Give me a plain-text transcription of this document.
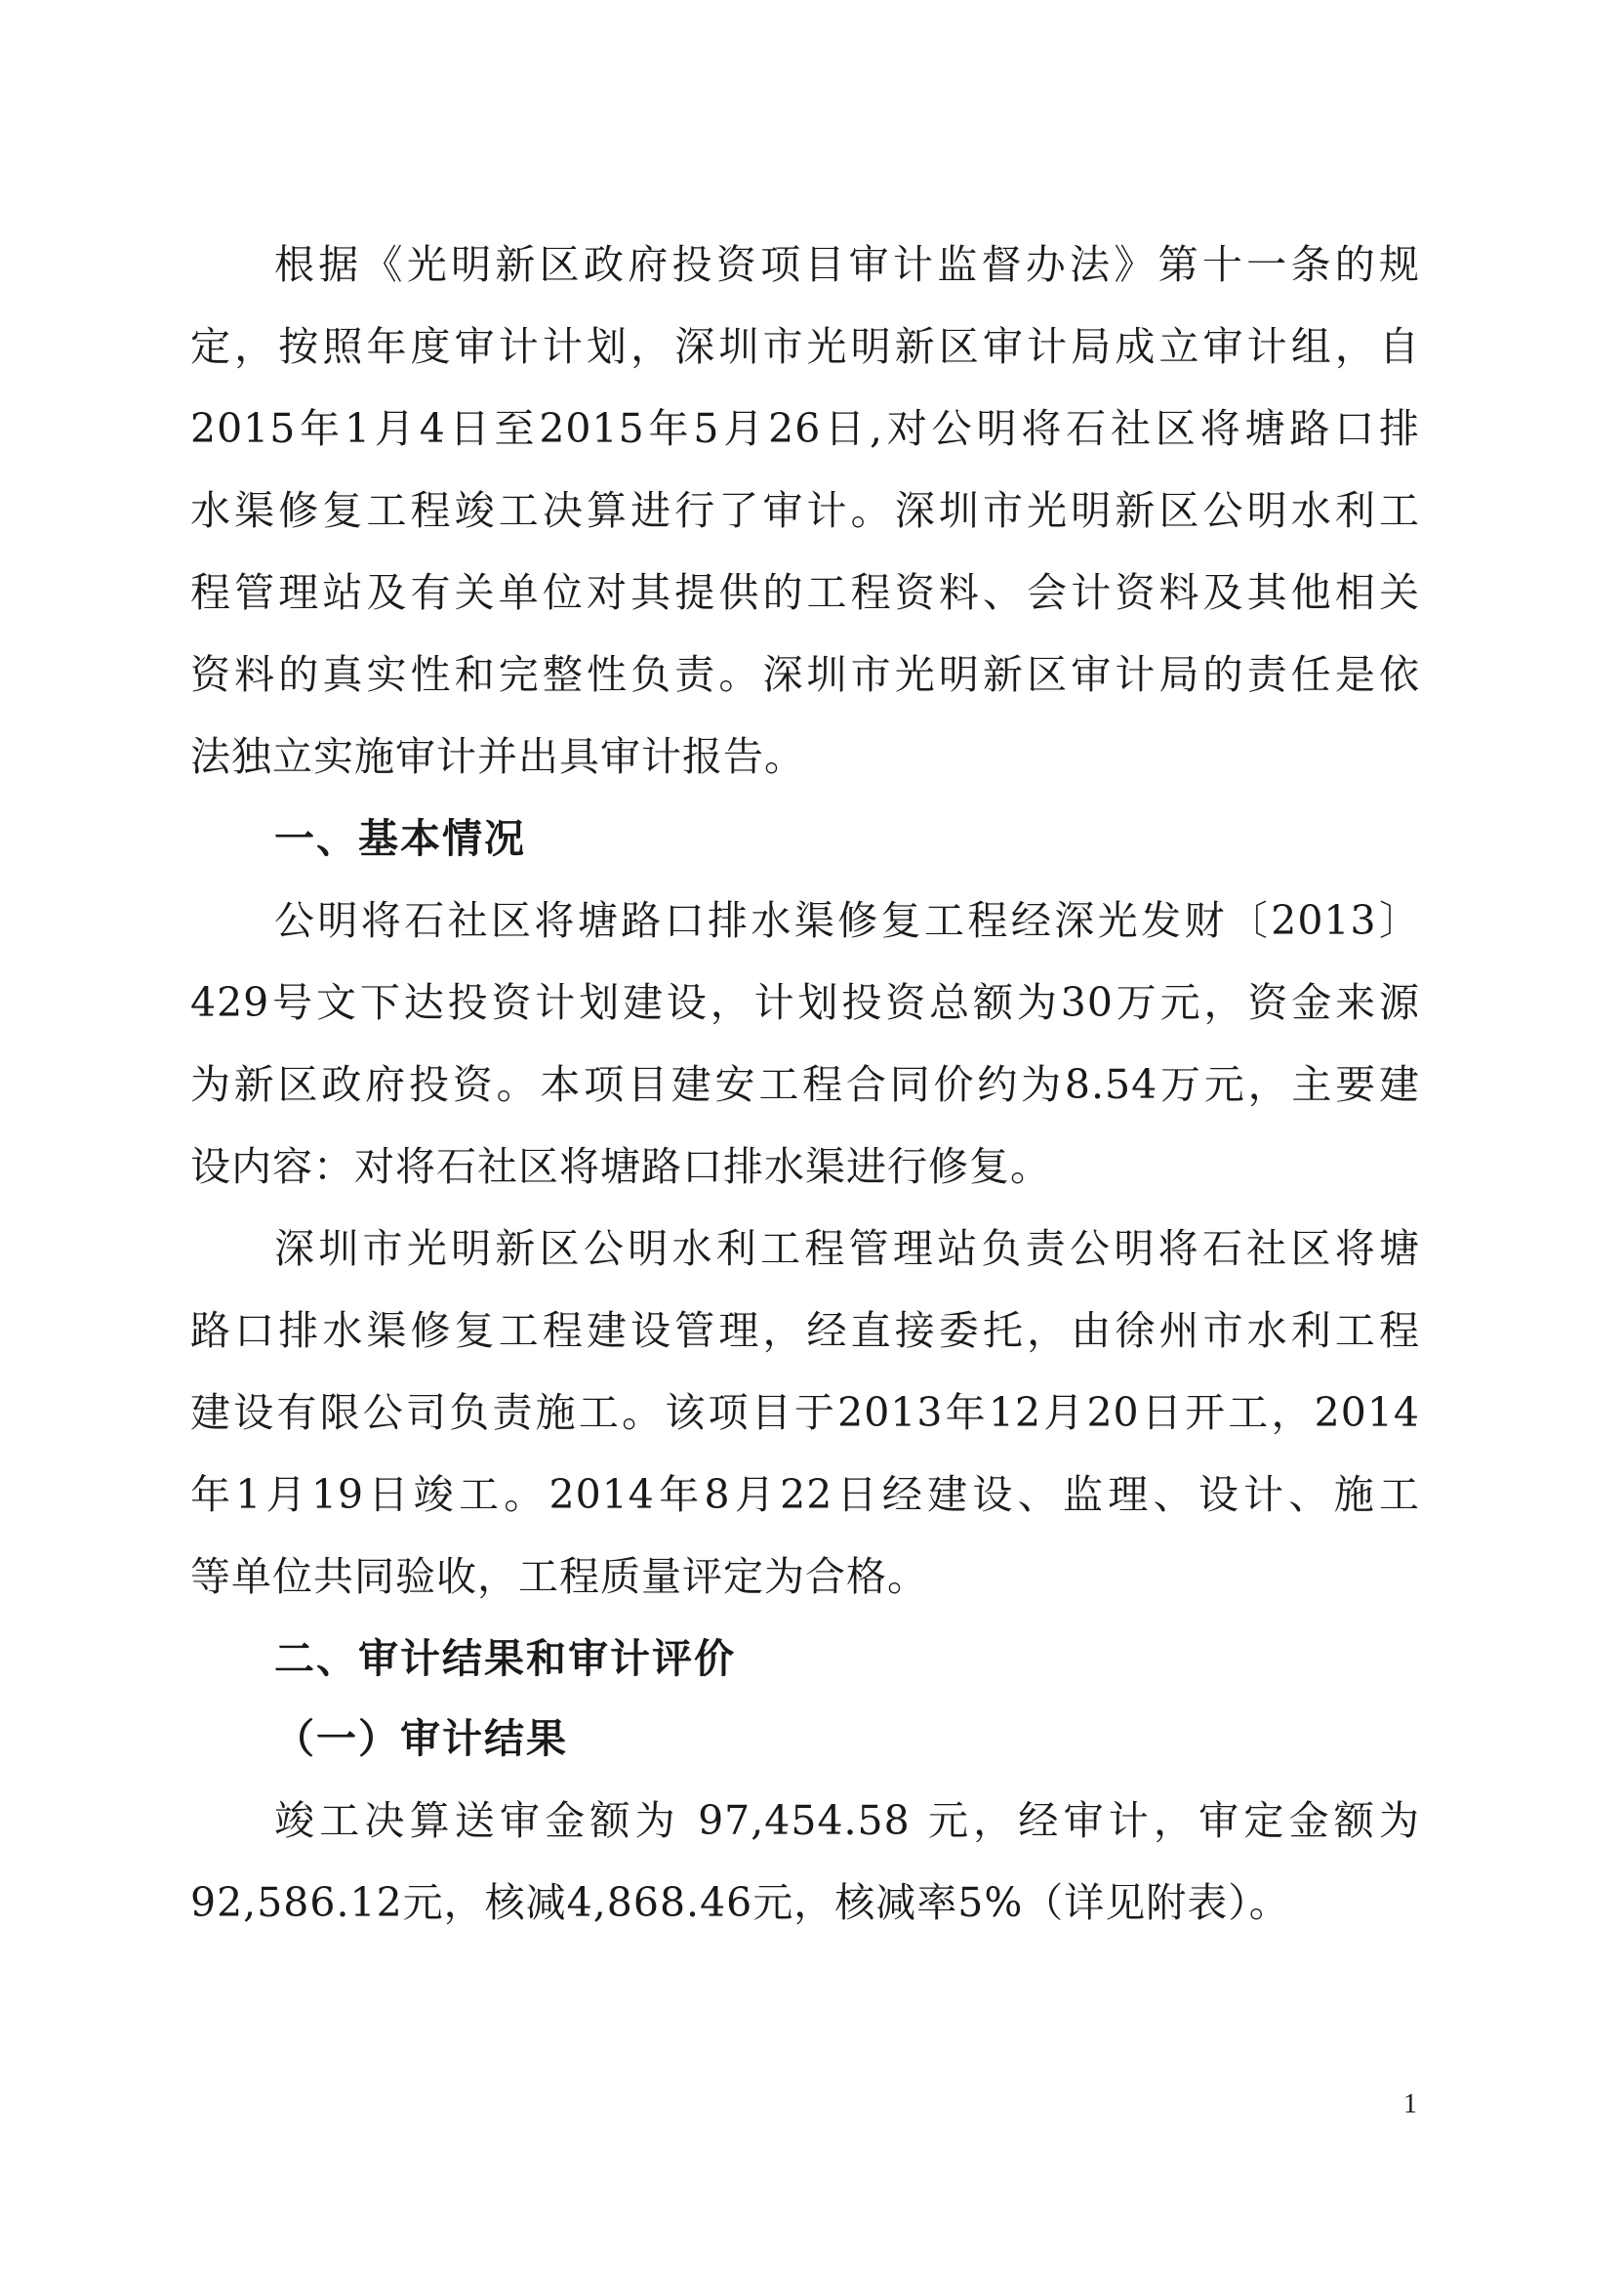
根据《光明新区政府投资项目审计监督办法》第十一条的规
定，按照年度审计计划，深圳市光明新区审计局成立审计组，自
2015年1月4日至2015年5月26日,对公明将石社区将塘路口排
水渠修复工程竣工决算进行了审计。深圳市光明新区公明水利工
程管理站及有关单位对其提供的工程资料、会计资料及其他相关
资料的真实性和完整性负责。深圳市光明新区审计局的责任是依
法独立实施审计并出具审计报告。
一、基本情况
公明将石社区将塘路口排水渠修复工程经深光发财〔2013〕
429号文下达投资计划建设，计划投资总额为30万元，资金来源
为新区政府投资。本项目建安工程合同价约为8.54万元，主要建
设内容：对将石社区将塘路口排水渠进行修复。
深圳市光明新区公明水利工程管理站负责公明将石社区将塘
路口排水渠修复工程建设管理，经直接委托，由徐州市水利工程
建设有限公司负责施工。该项目于2013年12月20日开工，2014
年1月19日竣工。2014年8月22日经建设、监理、设计、施工
等单位共同验收，工程质量评定为合格。
二、审计结果和审计评价
（一）审计结果
竣工决算送审金额为 97,454.58 元，经审计，审定金额为
92,586.12元，核减4,868.46元，核减率5%（详见附表）。
1
